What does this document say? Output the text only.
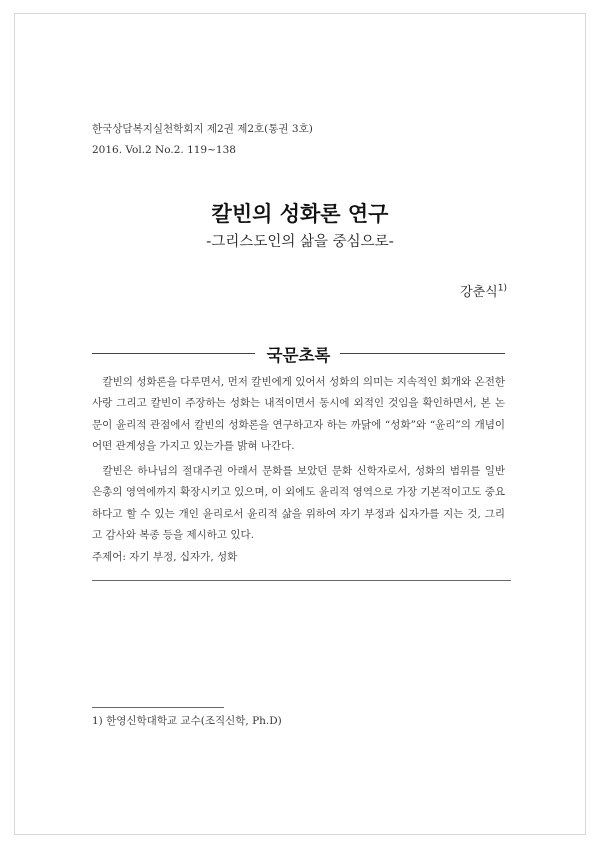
한국상담복지실천학회지 제2권 제2호(통권 3호)
2016. Vol.2 No.2. 119~138
칼빈의 성화론 연구
-그리스도인의 삶을 중심으로-
강춘식$^{1)}$
국문초록

칼빈의 성화론을 다루면서, 먼저 칼빈에게 있어서 성화의 의미는 지속적인 회개와 온전한 사랑 그리고 칼빈이 주장하는 성화는 내적이면서 동시에 외적인 것임을 확인하면서, 본 논문이 윤리적 관점에서 칼빈의 성화론을 연구하고자 하는 까닭에 “성화”와 “윤리”의 개념이 어떤 관계성을 가지고 있는가를 밝혀 나간다.

칼빈은 하나님의 절대주권 아래서 문화를 보았던 문화 신학자로서, 성화의 범위를 일반 은총의 영역에까지 확장시키고 있으며, 이 외에도 윤리적 영역으로 가장 기본적이고도 중요하다고 할 수 있는 개인 윤리로서 윤리적 삶을 위하여 자기 부정과 십자가를 지는 것, 그리고 감사와 복종 등을 제시하고 있다.

주제어: 자기 부정, 십자가, 성화
1) 한영신학대학교 교수(조직신학, Ph.D)
